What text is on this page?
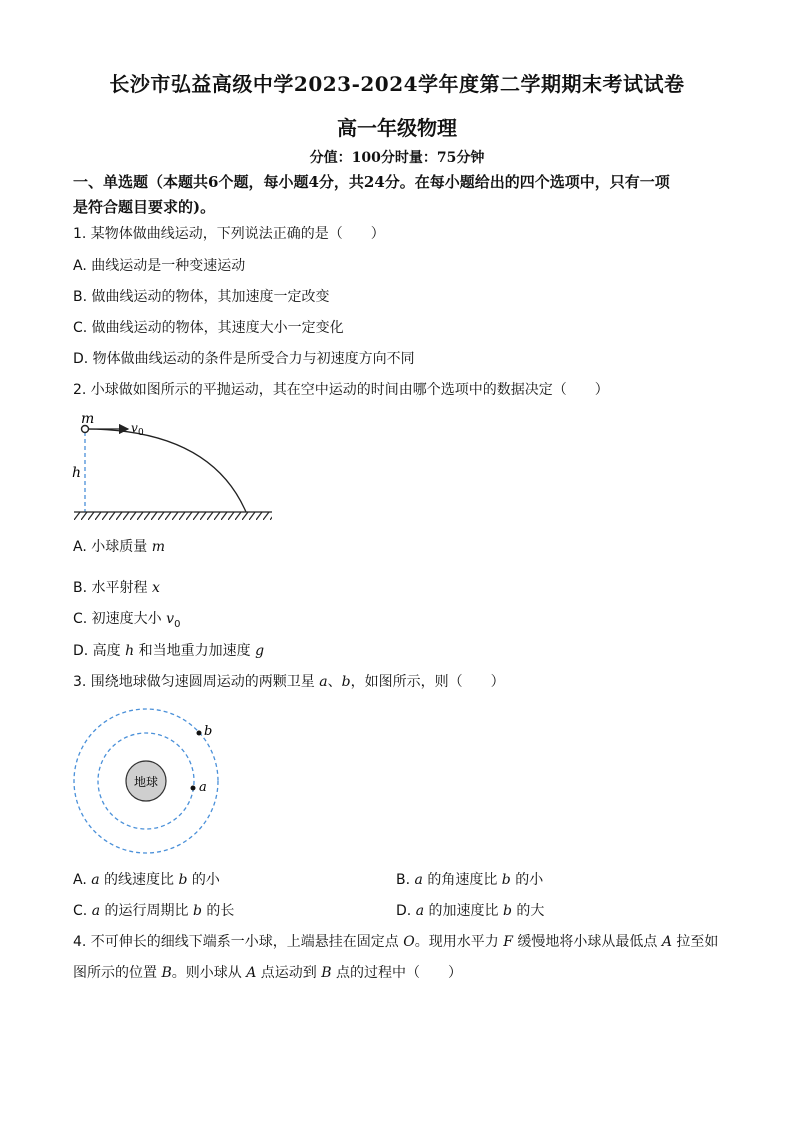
长沙市弘益高级中学2023-2024学年度第二学期期末考试试卷
高一年级物理
分值：100分时量：75分钟
一、单选题（本题共6个题，每小题4分，共24分。在每小题给出的四个选项中，只有一项
是符合题目要求的)。
1. 某物体做曲线运动，下列说法正确的是（　　）
A. 曲线运动是一种变速运动
B. 做曲线运动的物体，其加速度一定改变
C. 做曲线运动的物体，其速度大小一定变化
D. 物体做曲线运动的条件是所受合力与初速度方向不同
2. 小球做如图所示的平抛运动，其在空中运动的时间由哪个选项中的数据决定（　　）
m
v 0
h
A. 小球质量 m
B. 水平射程 x
C. 初速度大小 $v_0$
D. 高度 h 和当地重力加速度 g
3. 围绕地球做匀速圆周运动的两颗卫星 a、b，如图所示，则（　　）
地球	a
b
A. a 的线速度比 b 的小	B. a 的角速度比 b 的小
C. a 的运行周期比 b 的长	D. a 的加速度比 b 的大
4. 不可伸长的细线下端系一小球，上端悬挂在固定点 O。现用水平力 F 缓慢地将小球从最低点 A 拉至如
图所示的位置 B。则小球从 A 点运动到 B 点的过程中（　　）
